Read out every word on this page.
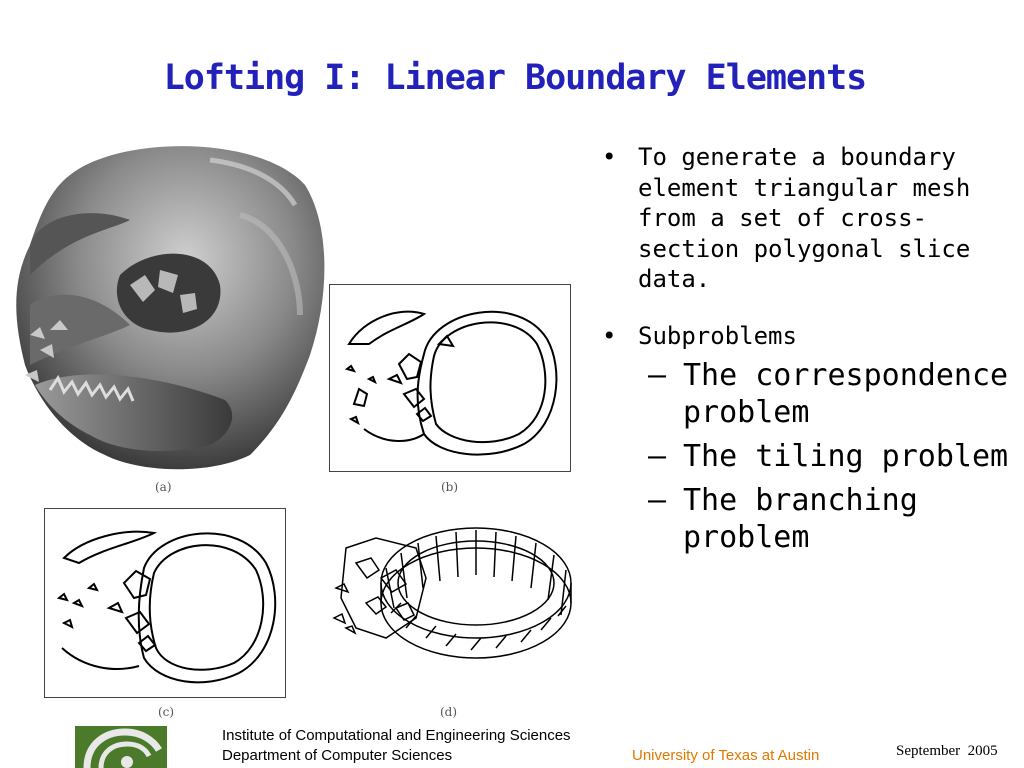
Lofting I: Linear Boundary Elements
(a)	(b)
(c)	(d)
• To generate a boundary element triangular mesh from a set of cross-section polygonal slice data.
• Subproblems
– The correspondence problem
– The tiling problem
– The branching problem
Institute of Computational and Engineering Sciences
Department of Computer Sciences	University of Texas at Austin	September  2005
